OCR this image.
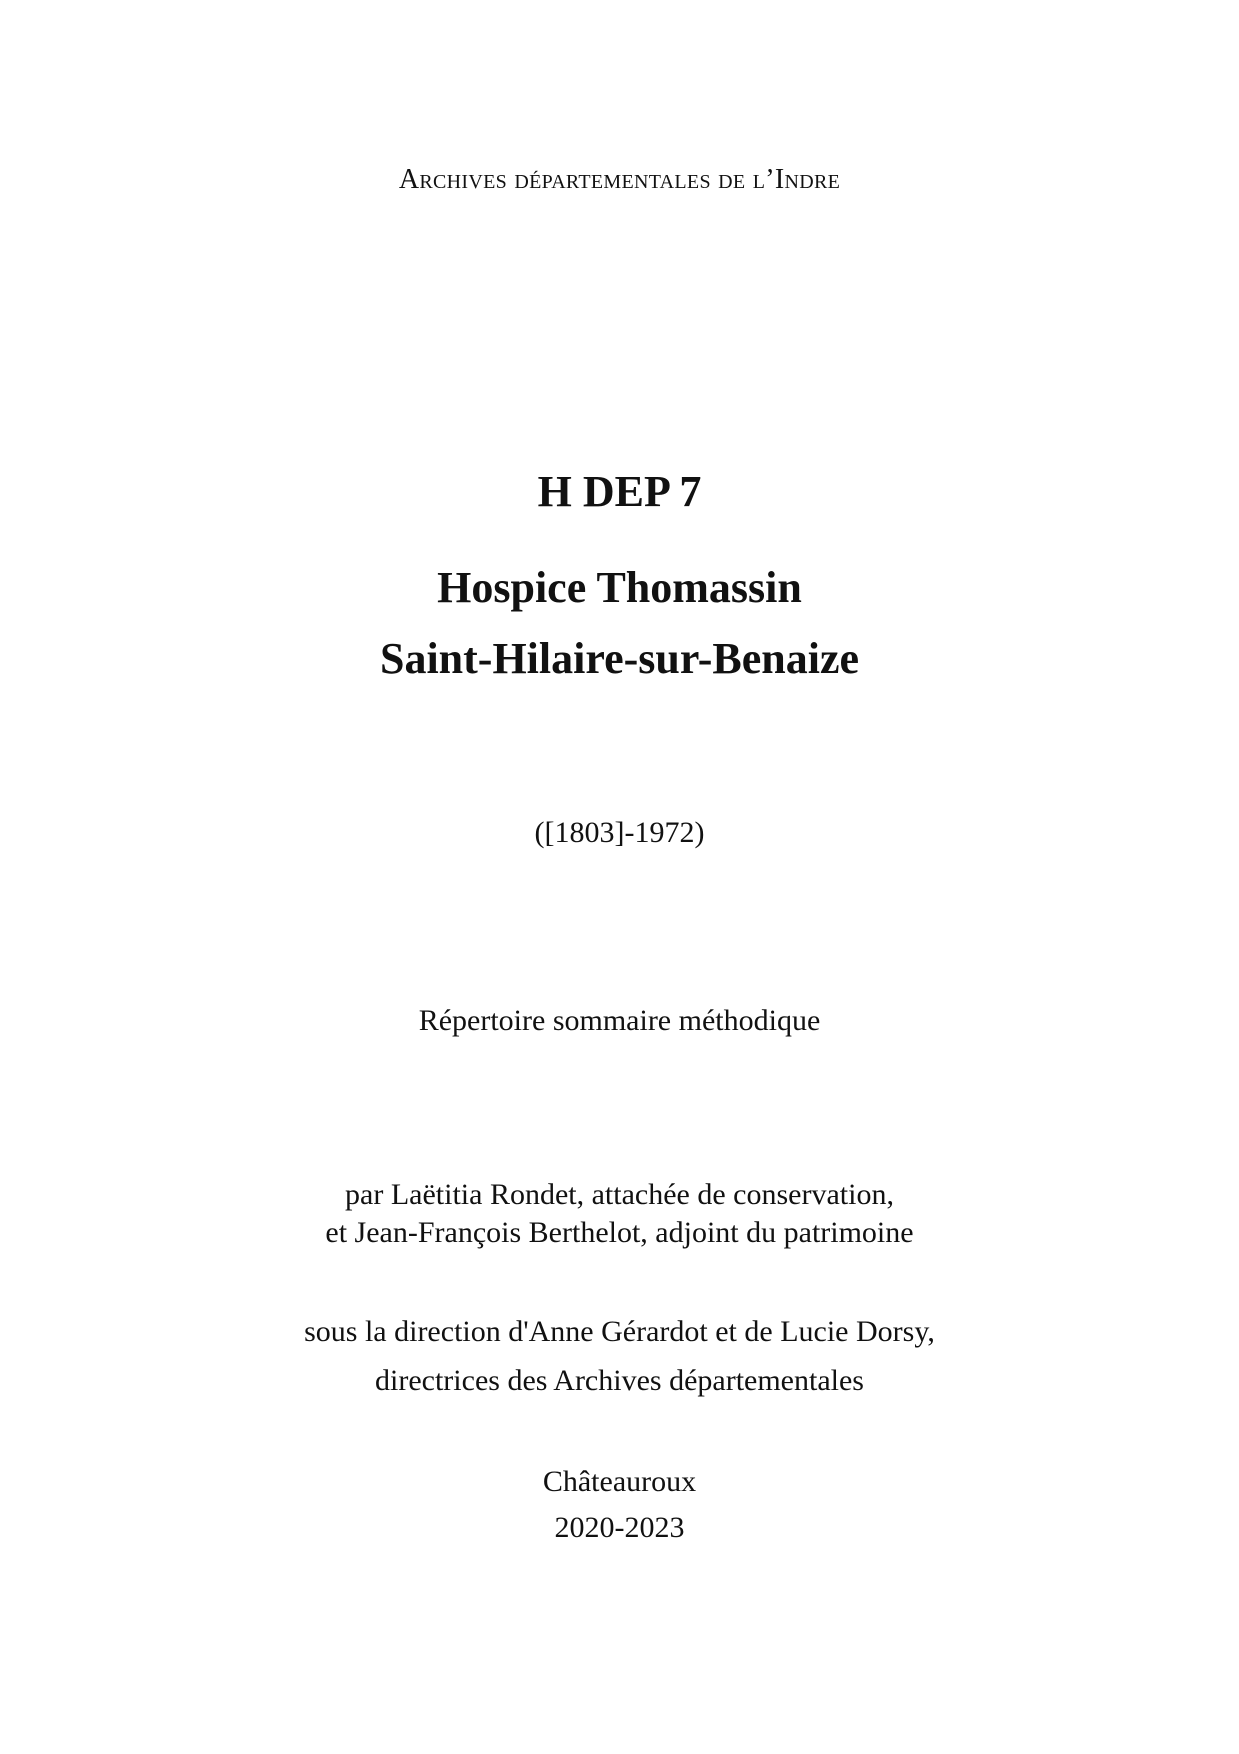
Archives départementales de l’Indre
H DEP 7
Hospice Thomassin
Saint-Hilaire-sur-Benaize
([1803]-1972)
Répertoire sommaire méthodique
par Laëtitia Rondet, attachée de conservation,
et Jean-François Berthelot, adjoint du patrimoine
sous la direction d'Anne Gérardot et de Lucie Dorsy,
directrices des Archives départementales
Châteauroux
2020-2023
